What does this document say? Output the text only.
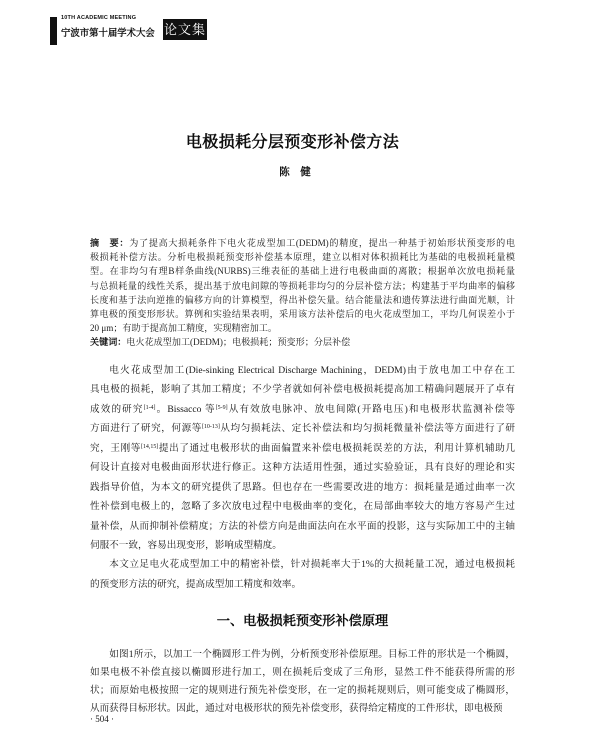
10TH ACADEMIC MEETING
宁波市第十届学术大会 论文集
电极损耗分层预变形补偿方法
陈 健
摘　要：为了提高大损耗条件下电火花成型加工(DEDM)的精度，提出一种基于初始形状预变形的电
极损耗补偿方法。分析电极损耗预变形补偿基本原理，建立以相对体积损耗比为基础的电极损耗量模
型。在非均匀有理B样条曲线(NURBS)三维表征的基础上进行电极曲面的离散；根据单次放电损耗量
与总损耗量的线性关系，提出基于放电间隙的等损耗非均匀的分层补偿方法；构建基于平均曲率的偏移
长度和基于法向逆推的偏移方向的计算模型，得出补偿矢量。结合能量法和遗传算法进行曲面光顺，计
算电极的预变形形状。算例和实验结果表明，采用该方法补偿后的电火花成型加工，平均几何误差小于
20 μm；有助于提高加工精度，实现精密加工。
关键词：电火花成型加工(DEDM)；电极损耗；预变形；分层补偿
电火花成型加工(Die-sinking Electrical Discharge Machining，DEDM)由于放电加工中存在工
具电极的损耗，影响了其加工精度；不少学者就如何补偿电极损耗提高加工精确问题展开了卓有
成效的研究[1-4]。Bissacco 等[5-9]从有效放电脉冲、放电间隙(开路电压)和电极形状监测补偿等
方面进行了研究，何源等[10-13]从均匀损耗法、定长补偿法和均匀损耗微量补偿法等方面进行了研
究，王刚等[14,15]提出了通过电极形状的曲面偏置来补偿电极损耗误差的方法，利用计算机辅助几
何设计直接对电极曲面形状进行修正。这种方法适用性强，通过实验验证，具有良好的理论和实
践指导价值，为本文的研究提供了思路。但也存在一些需要改进的地方：损耗量是通过曲率一次
性补偿到电极上的，忽略了多次放电过程中电极曲率的变化，在局部曲率较大的地方容易产生过
量补偿，从而抑制补偿精度；方法的补偿方向是曲面法向在水平面的投影，这与实际加工中的主轴
伺服不一致，容易出现变形，影响成型精度。
本文立足电火花成型加工中的精密补偿，针对损耗率大于1%的大损耗量工况，通过电极损耗
的预变形方法的研究，提高成型加工精度和效率。
一、电极损耗预变形补偿原理
如图1所示，以加工一个椭圆形工件为例，分析预变形补偿原理。目标工件的形状是一个椭圆，
如果电极不补偿直接以椭圆形进行加工，则在损耗后变成了三角形，显然工件不能获得所需的形
状；而原始电极按照一定的规则进行预先补偿变形，在一定的损耗规则后，则可能变成了椭圆形，
从而获得目标形状。因此，通过对电极形状的预先补偿变形，获得给定精度的工件形状，即电极预
· 504 ·
